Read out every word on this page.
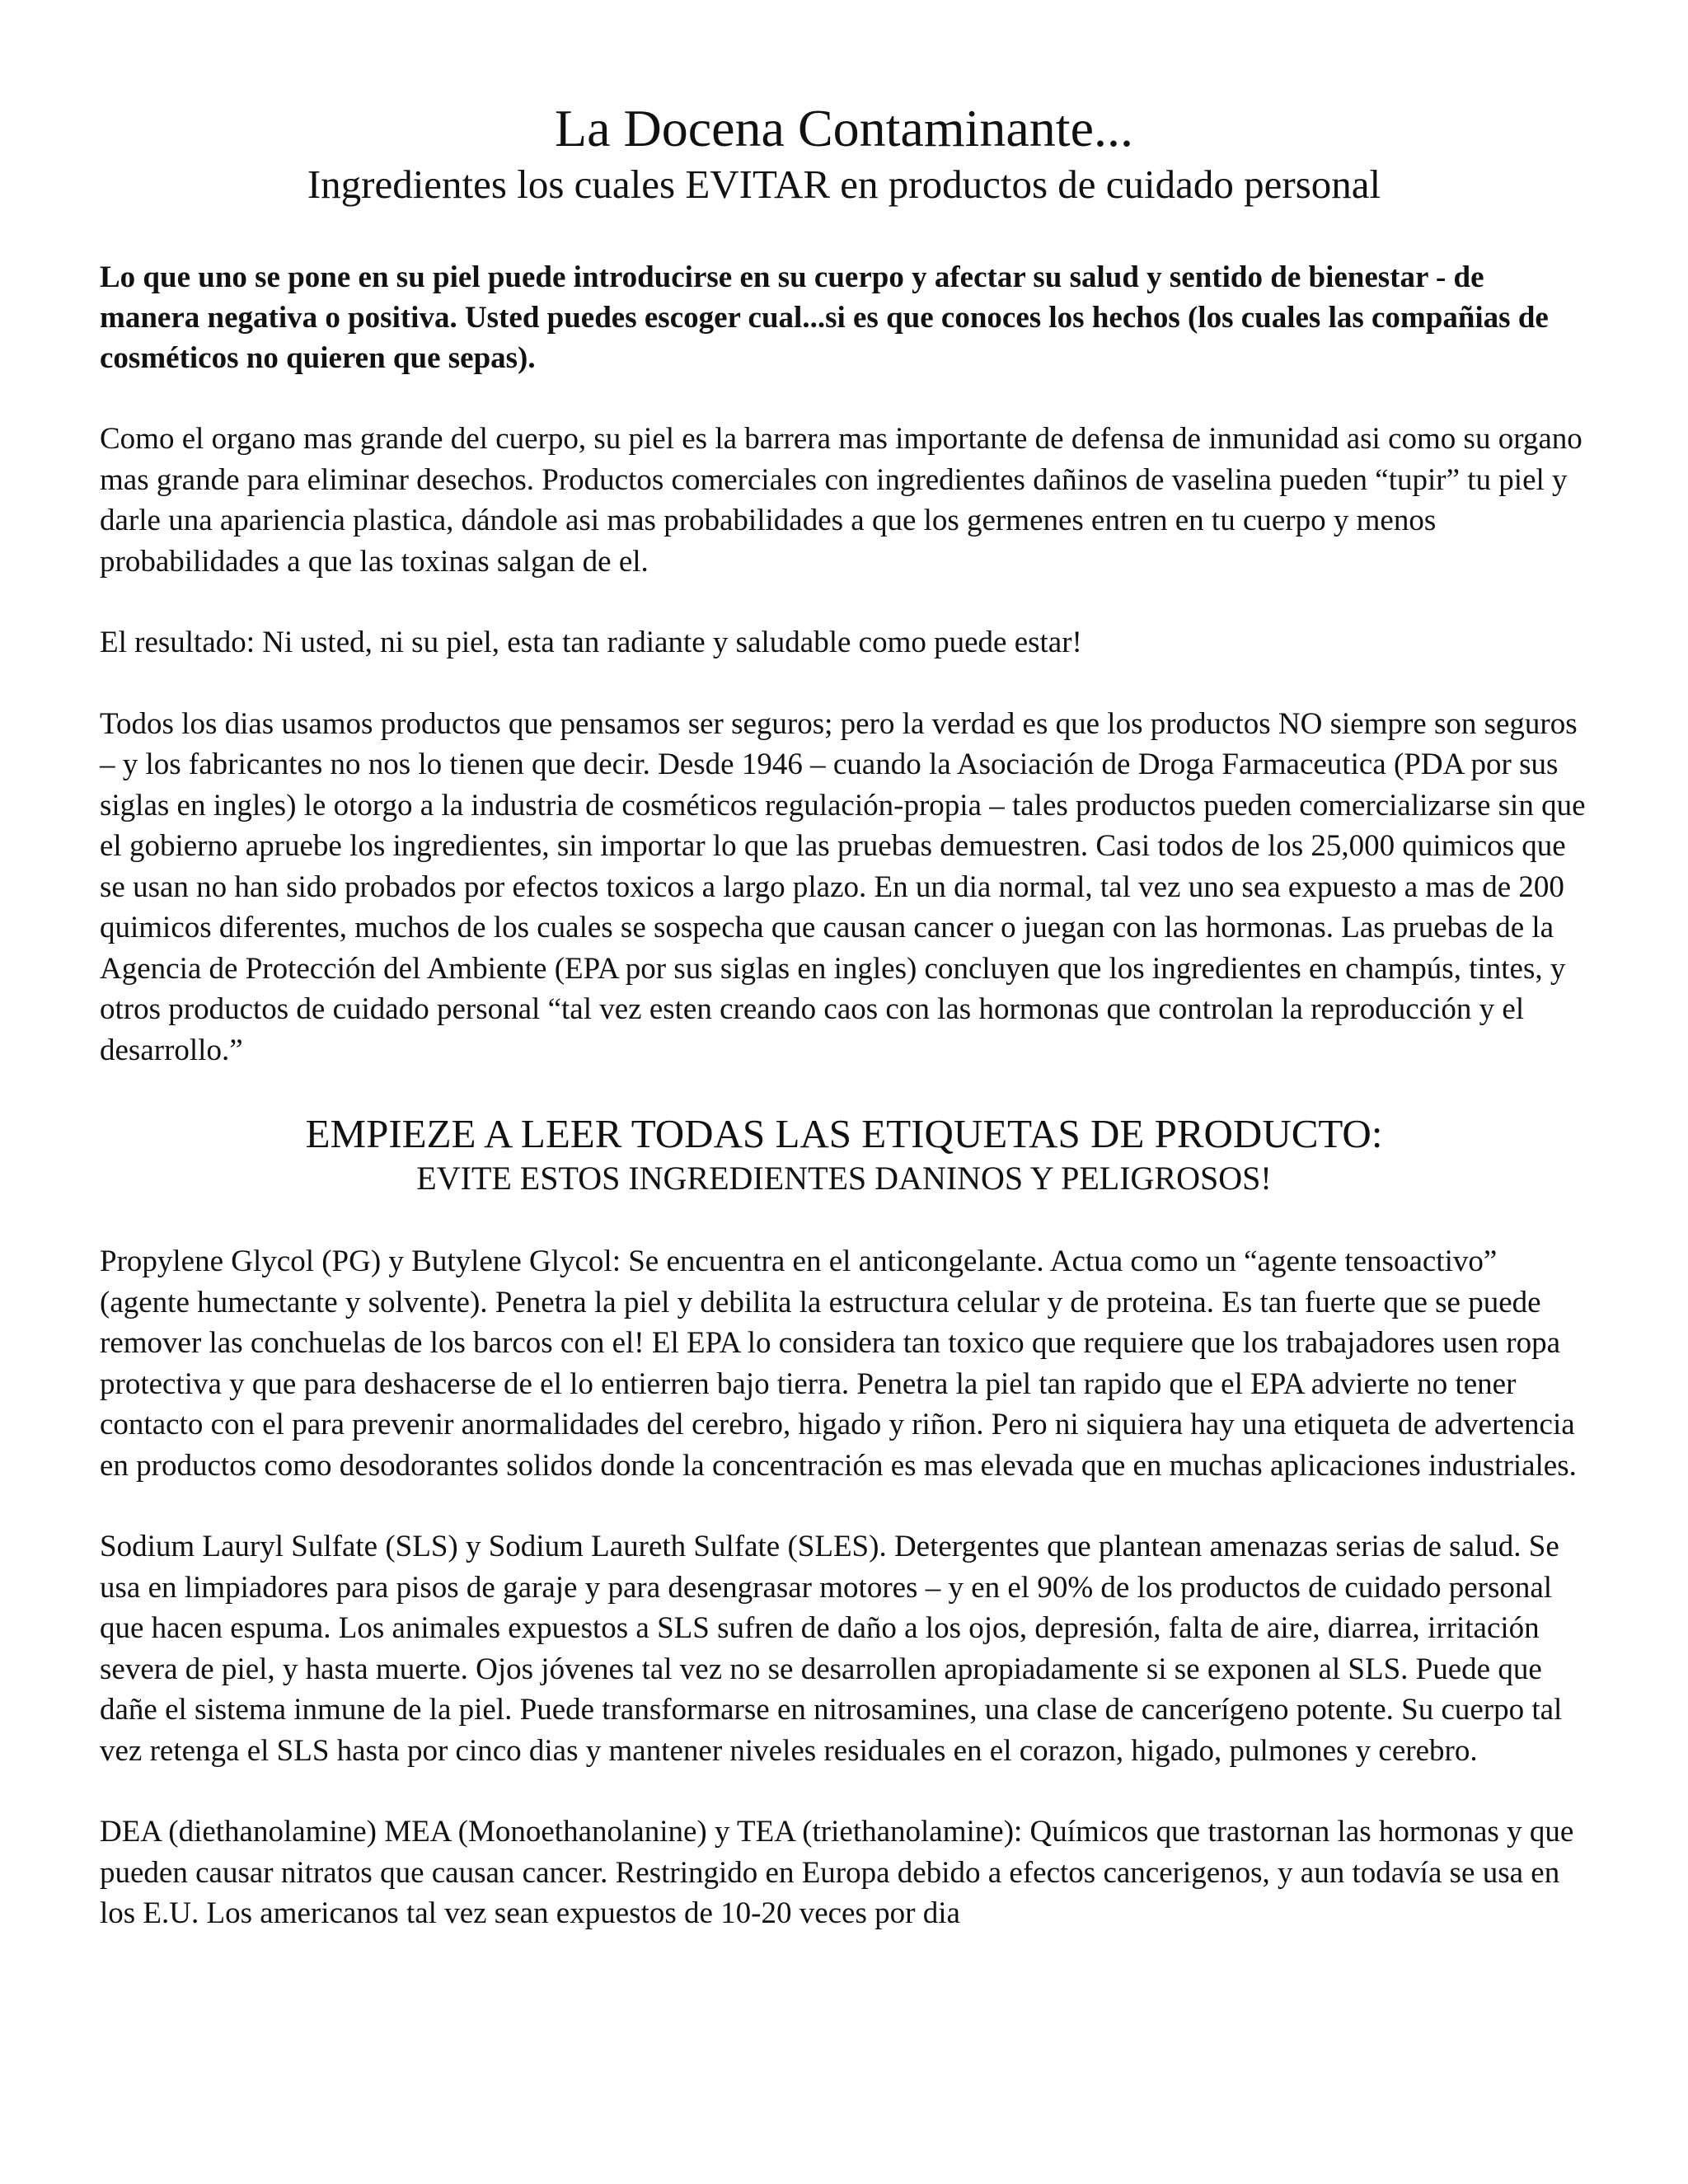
La Docena Contaminante...
Ingredientes los cuales EVITAR en productos de cuidado personal

Lo que uno se pone en su piel puede introducirse en su cuerpo y afectar su salud y sentido de bienestar - de manera negativa o positiva. Usted puedes escoger cual...si es que conoces los hechos (los cuales las compañias de cosméticos no quieren que sepas).

Como el organo mas grande del cuerpo, su piel es la barrera mas importante de defensa de inmunidad asi como su organo mas grande para eliminar desechos. Productos comerciales con ingredientes dañinos de vaselina pueden “tupir” tu piel y darle una apariencia plastica, dándole asi mas probabilidades a que los germenes entren en tu cuerpo y menos probabilidades a que las toxinas salgan de el.

El resultado: Ni usted, ni su piel, esta tan radiante y saludable como puede estar!

Todos los dias usamos productos que pensamos ser seguros; pero la verdad es que los productos NO siempre son seguros – y los fabricantes no nos lo tienen que decir. Desde 1946 – cuando la Asociación de Droga Farmaceutica (PDA por sus siglas en ingles) le otorgo a la industria de cosméticos regulación-propia – tales productos pueden comercializarse sin que el gobierno apruebe los ingredientes, sin importar lo que las pruebas demuestren. Casi todos de los 25,000 quimicos que se usan no han sido probados por efectos toxicos a largo plazo. En un dia normal, tal vez uno sea expuesto a mas de 200 quimicos diferentes, muchos de los cuales se sospecha que causan cancer o juegan con las hormonas. Las pruebas de la Agencia de Protección del Ambiente (EPA por sus siglas en ingles) concluyen que los ingredientes en champús, tintes, y otros productos de cuidado personal “tal vez esten creando caos con las hormonas que controlan la reproducción y el desarrollo.”

EMPIEZE A LEER TODAS LAS ETIQUETAS DE PRODUCTO:
EVITE ESTOS INGREDIENTES DANINOS Y PELIGROSOS!

Propylene Glycol (PG) y Butylene Glycol: Se encuentra en el anticongelante. Actua como un “agente tensoactivo” (agente humectante y solvente). Penetra la piel y debilita la estructura celular y de proteina. Es tan fuerte que se puede remover las conchuelas de los barcos con el! El EPA lo considera tan toxico que requiere que los trabajadores usen ropa protectiva y que para deshacerse de el lo entierren bajo tierra. Penetra la piel tan rapido que el EPA advierte no tener contacto con el para prevenir anormalidades del cerebro, higado y riñon. Pero ni siquiera hay una etiqueta de advertencia en productos como desodorantes solidos donde la concentración es mas elevada que en muchas aplicaciones industriales.

Sodium Lauryl Sulfate (SLS) y Sodium Laureth Sulfate (SLES). Detergentes que plantean amenazas serias de salud. Se usa en limpiadores para pisos de garaje y para desengrasar motores – y en el 90% de los productos de cuidado personal que hacen espuma. Los animales expuestos a SLS sufren de daño a los ojos, depresión, falta de aire, diarrea, irritación severa de piel, y hasta muerte. Ojos jóvenes tal vez no se desarrollen apropiadamente si se exponen al SLS. Puede que dañe el sistema inmune de la piel. Puede transformarse en nitrosamines, una clase de cancerígeno potente. Su cuerpo tal vez retenga el SLS hasta por cinco dias y mantener niveles residuales en el corazon, higado, pulmones y cerebro.

DEA (diethanolamine) MEA (Monoethanolanine) y TEA (triethanolamine): Químicos que trastornan las hormonas y que pueden causar nitratos que causan cancer. Restringido en Europa debido a efectos cancerigenos, y aun todavía se usa en los E.U. Los americanos tal vez sean expuestos de 10-20 veces por dia
